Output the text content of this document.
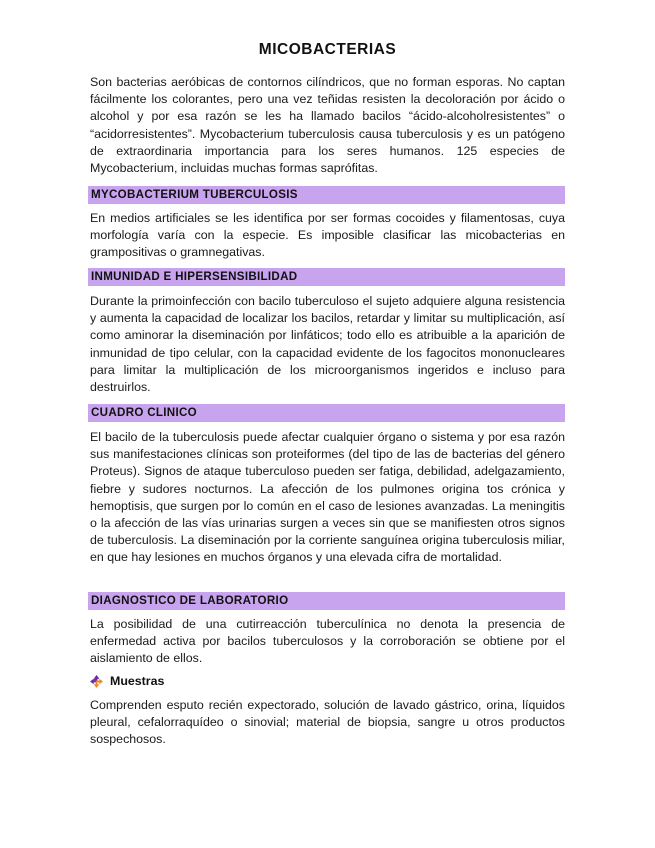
MICOBACTERIAS

Son bacterias aeróbicas de contornos cilíndricos, que no forman esporas. No captan fácilmente los colorantes, pero una vez teñidas resisten la decoloración por ácido o alcohol y por esa razón se les ha llamado bacilos “ácido-alcoholresistentes” o “acidorresistentes”. Mycobacterium tuberculosis causa tuberculosis y es un patógeno de extraordinaria importancia para los seres humanos. 125 especies de Mycobacterium, incluidas muchas formas saprófitas.

MYCOBACTERIUM TUBERCULOSIS

En medios artificiales se les identifica por ser formas cocoides y filamentosas, cuya morfología varía con la especie. Es imposible clasificar las micobacterias en grampositivas o gramnegativas.

INMUNIDAD E HIPERSENSIBILIDAD

Durante la primoinfección con bacilo tuberculoso el sujeto adquiere alguna resistencia y aumenta la capacidad de localizar los bacilos, retardar y limitar su multiplicación, así como aminorar la diseminación por linfáticos; todo ello es atribuible a la aparición de inmunidad de tipo celular, con la capacidad evidente de los fagocitos mononucleares para limitar la multiplicación de los microorganismos ingeridos e incluso para destruirlos.

CUADRO CLINICO

El bacilo de la tuberculosis puede afectar cualquier órgano o sistema y por esa razón sus manifestaciones clínicas son proteiformes (del tipo de las de bacterias del género Proteus). Signos de ataque tuberculoso pueden ser fatiga, debilidad, adelgazamiento, fiebre y sudores nocturnos. La afección de los pulmones origina tos crónica y hemoptisis, que surgen por lo común en el caso de lesiones avanzadas. La meningitis o la afección de las vías urinarias surgen a veces sin que se manifiesten otros signos de tuberculosis. La diseminación por la corriente sanguínea origina tuberculosis miliar, en que hay lesiones en muchos órganos y una elevada cifra de mortalidad.

DIAGNOSTICO DE LABORATORIO

La posibilidad de una cutirreacción tuberculínica no denota la presencia de enfermedad activa por bacilos tuberculosos y la corroboración se obtiene por el aislamiento de ellos.

Muestras

Comprenden esputo recién expectorado, solución de lavado gástrico, orina, líquidos pleural, cefalorraquídeo o sinovial; material de biopsia, sangre u otros productos sospechosos.
